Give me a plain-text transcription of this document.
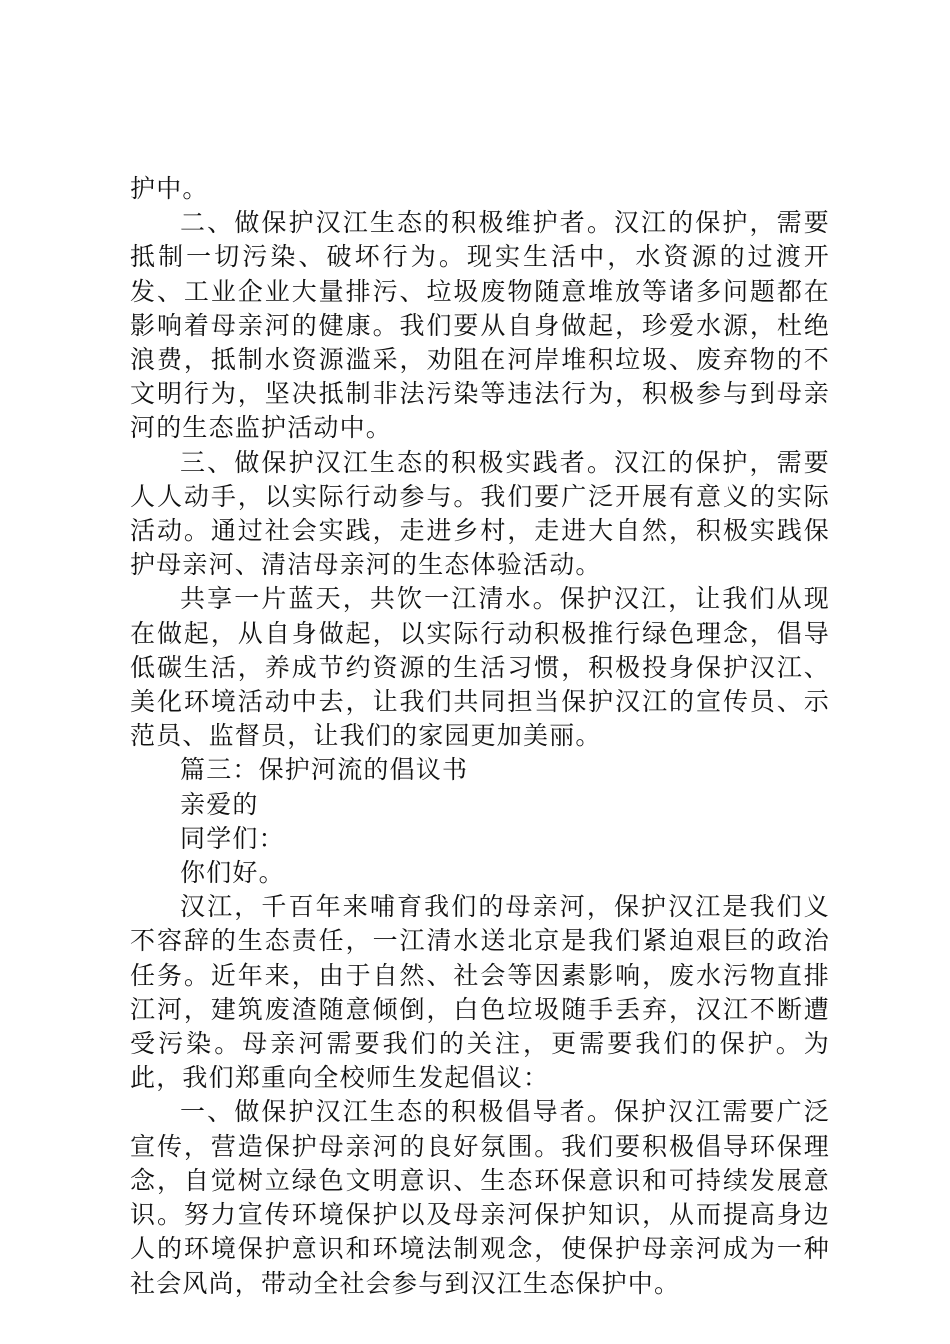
护中。

二、做保护汉江生态的积极维护者。汉江的保护，需要抵制一切污染、破坏行为。现实生活中，水资源的过渡开发、工业企业大量排污、垃圾废物随意堆放等诸多问题都在影响着母亲河的健康。我们要从自身做起，珍爱水源，杜绝浪费，抵制水资源滥采，劝阻在河岸堆积垃圾、废弃物的不文明行为，坚决抵制非法污染等违法行为，积极参与到母亲河的生态监护活动中。

三、做保护汉江生态的积极实践者。汉江的保护，需要人人动手，以实际行动参与。我们要广泛开展有意义的实际活动。通过社会实践，走进乡村，走进大自然，积极实践保护母亲河、清洁母亲河的生态体验活动。

共享一片蓝天，共饮一江清水。保护汉江，让我们从现在做起，从自身做起，以实际行动积极推行绿色理念，倡导低碳生活，养成节约资源的生活习惯，积极投身保护汉江、美化环境活动中去，让我们共同担当保护汉江的宣传员、示范员、监督员，让我们的家园更加美丽。

篇三：保护河流的倡议书

亲爱的

同学们：

你们好。

汉江，千百年来哺育我们的母亲河，保护汉江是我们义不容辞的生态责任，一江清水送北京是我们紧迫艰巨的政治任务。近年来，由于自然、社会等因素影响，废水污物直排江河，建筑废渣随意倾倒，白色垃圾随手丢弃，汉江不断遭受污染。母亲河需要我们的关注，更需要我们的保护。为此，我们郑重向全校师生发起倡议：

一、做保护汉江生态的积极倡导者。保护汉江需要广泛宣传，营造保护母亲河的良好氛围。我们要积极倡导环保理念，自觉树立绿色文明意识、生态环保意识和可持续发展意识。努力宣传环境保护以及母亲河保护知识，从而提高身边人的环境保护意识和环境法制观念，使保护母亲河成为一种社会风尚，带动全社会参与到汉江生态保护中。
